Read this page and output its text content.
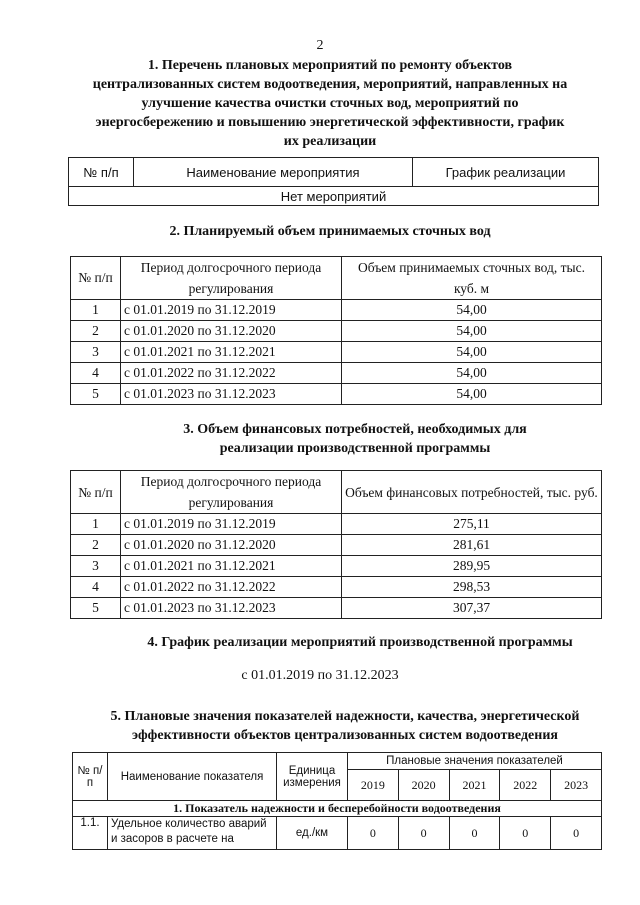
2
1. Перечень плановых мероприятий по ремонту объектов централизованных систем водоотведения, мероприятий, направленных на улучшение качества очистки сточных вод, мероприятий по энергосбережению и повышению энергетической эффективности, график их реализации
№ п/п	Наименование мероприятия	График реализации
Нет мероприятий
2. Планируемый объем принимаемых сточных вод
№ п/п	Период долгосрочного периода регулирования	Объем принимаемых сточных вод, тыс. куб. м
1	с 01.01.2019 по 31.12.2019	54,00
2	с 01.01.2020 по 31.12.2020	54,00
3	с 01.01.2021 по 31.12.2021	54,00
4	с 01.01.2022 по 31.12.2022	54,00
5	с 01.01.2023 по 31.12.2023	54,00
3. Объем финансовых потребностей, необходимых для реализации производственной программы
№ п/п	Период долгосрочного периода регулирования	Объем финансовых потребностей, тыс. руб.
1	с 01.01.2019 по 31.12.2019	275,11
2	с 01.01.2020 по 31.12.2020	281,61
3	с 01.01.2021 по 31.12.2021	289,95
4	с 01.01.2022 по 31.12.2022	298,53
5	с 01.01.2023 по 31.12.2023	307,37
4. График реализации мероприятий производственной программы
с 01.01.2019 по 31.12.2023
5. Плановые значения показателей надежности, качества, энергетической эффективности объектов централизованных систем водоотведения
№ п/п	Наименование показателя	Единица измерения	Плановые значения показателей				
			2019	2020	2021	2022	2023
1. Показатель надежности и бесперебойности водоотведения							
1.1.	Удельное количество аварий и засоров в расчете на	ед./км	0	0	0	0	0
